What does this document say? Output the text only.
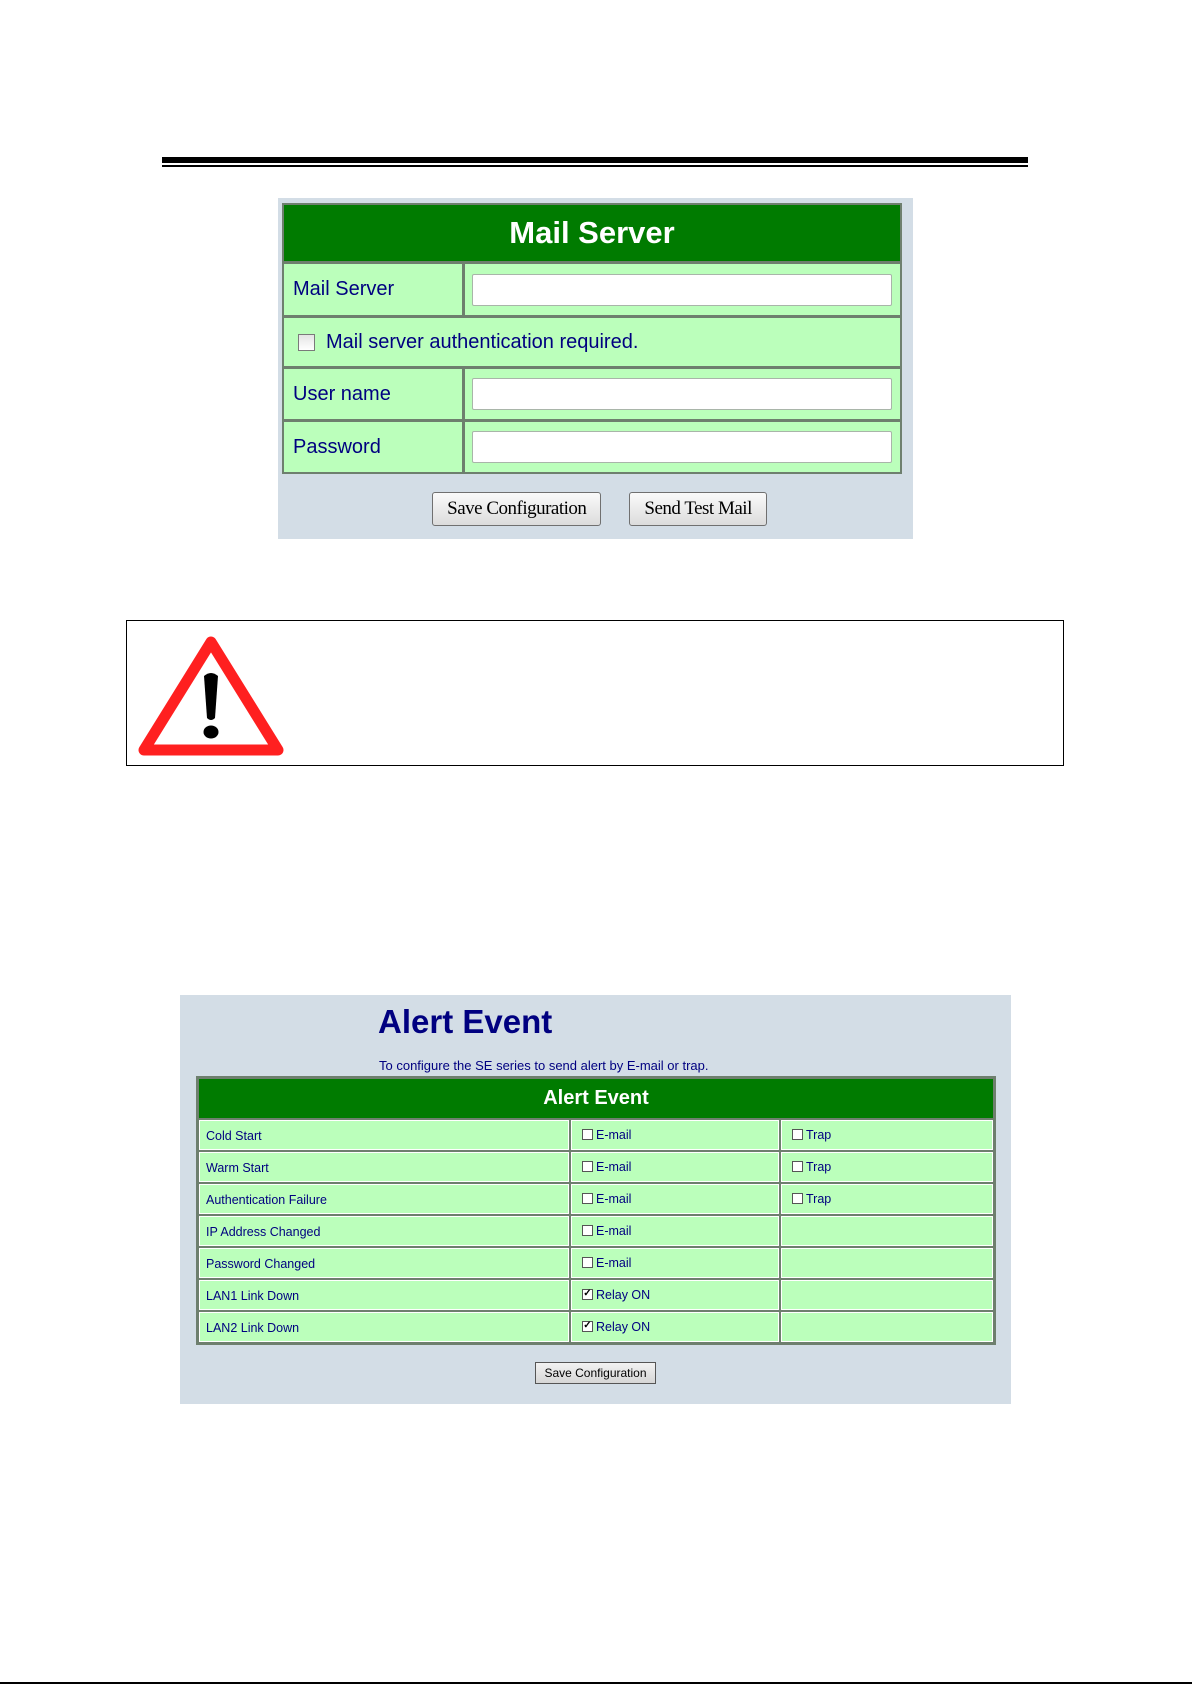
Mail Server
Mail Server
Mail server authentication required.
User name
Password
Save Configuration	Send Test Mail
Alert Event
To configure the SE series to send alert by E-mail or trap.
Alert Event
Cold Start	E-mail	Trap
Warm Start	E-mail	Trap
Authentication Failure	E-mail	Trap
IP Address Changed	E-mail
Password Changed	E-mail
LAN1 Link Down	✓ Relay ON
LAN2 Link Down	✓ Relay ON
Save Configuration
